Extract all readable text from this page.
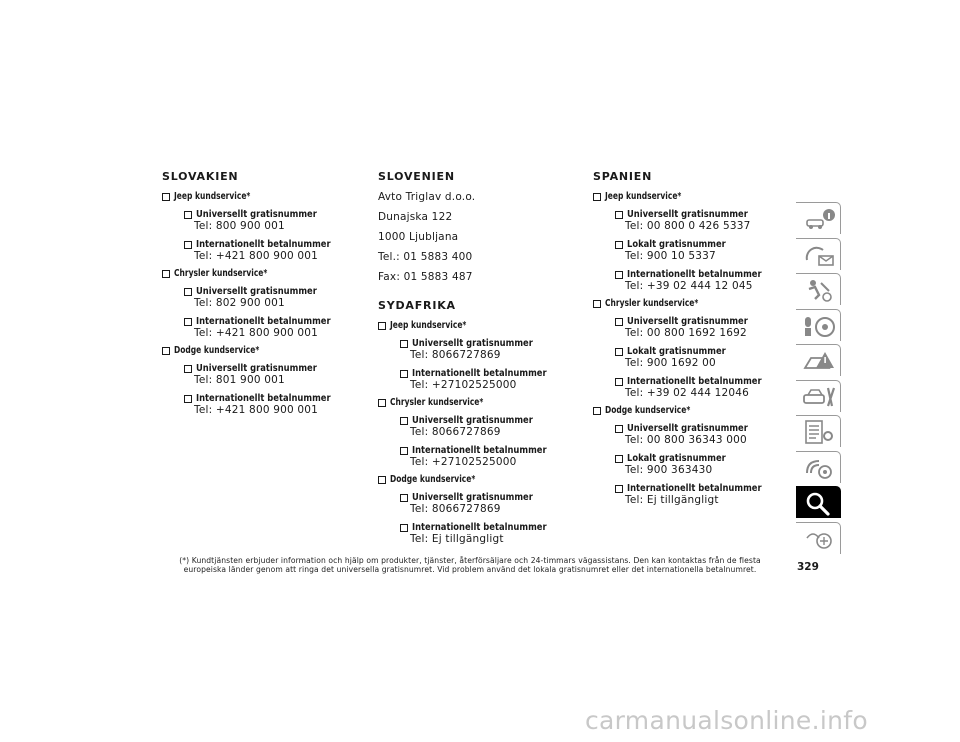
SLOVAKIEN
Jeep kundservice*
Universellt gratisnummer
Tel: 800 900 001
Internationellt betalnummer
Tel: +421 800 900 001
Chrysler kundservice*
Universellt gratisnummer
Tel: 802 900 001
Internationellt betalnummer
Tel: +421 800 900 001
Dodge kundservice*
Universellt gratisnummer
Tel: 801 900 001
Internationellt betalnummer
Tel: +421 800 900 001
SLOVENIEN

Avto Triglav d.o.o.

Dunajska 122

1000 Ljubljana

Tel.: 01 5883 400

Fax: 01 5883 487

SYDAFRIKA
Jeep kundservice*
Universellt gratisnummer
Tel: 8066727869
Internationellt betalnummer
Tel: +27102525000
Chrysler kundservice*
Universellt gratisnummer
Tel: 8066727869
Internationellt betalnummer
Tel: +27102525000
Dodge kundservice*
Universellt gratisnummer
Tel: 8066727869
Internationellt betalnummer
Tel: Ej tillgängligt
SPANIEN
Jeep kundservice*
Universellt gratisnummer
Tel: 00 800 0 426 5337
Lokalt gratisnummer
Tel: 900 10 5337
Internationellt betalnummer
Tel: +39 02 444 12 045
Chrysler kundservice*
Universellt gratisnummer
Tel: 00 800 1692 1692
Lokalt gratisnummer
Tel: 900 1692 00
Internationellt betalnummer
Tel: +39 02 444 12046
Dodge kundservice*
Universellt gratisnummer
Tel: 00 800 36343 000
Lokalt gratisnummer
Tel: 900 363430
Internationellt betalnummer
Tel: Ej tillgängligt
(*) Kundtjänsten erbjuder information och hjälp om produkter, tjänster, återförsäljare och 24-timmars vägassistans. Den kan kontaktas från de flesta europeiska länder genom att ringa det universella gratisnumret. Vid problem använd det lokala gratisnumret eller det internationella betalnumret.	329
carmanualsonline.info
